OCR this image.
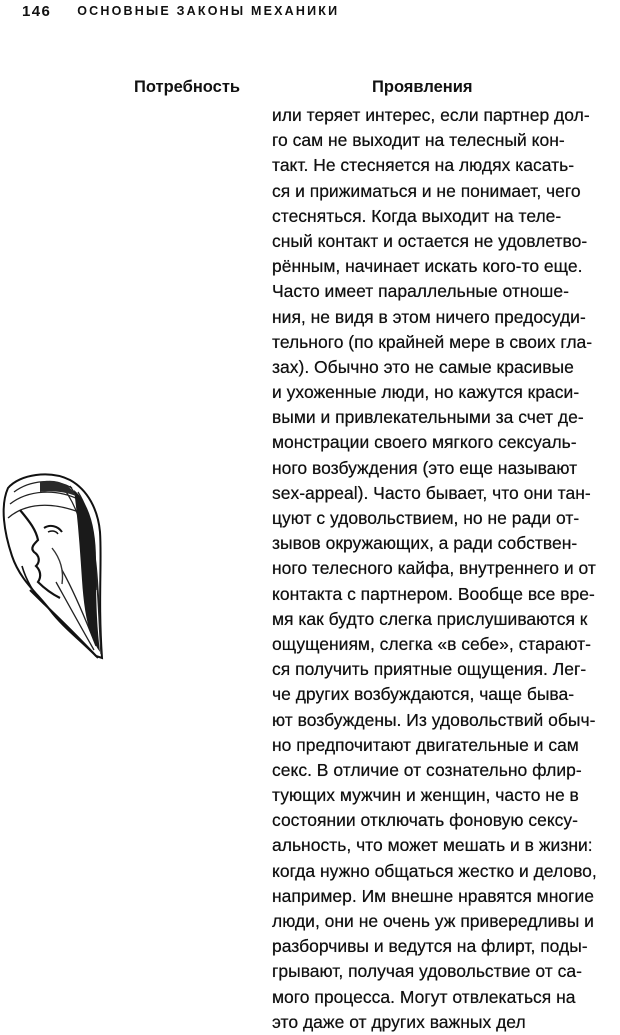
146 ОСНОВНЫЕ ЗАКОНЫ МЕХАНИКИ
Потребность	Проявления
или теряет интерес, если партнер дол-
го сам не выходит на телесный кон-
такт. Не стесняется на людях касать-
ся и прижиматься и не понимает, чего
стесняться. Когда выходит на теле-
сный контакт и остается не удовлетво-
рённым, начинает искать кого-то еще.
Часто имеет параллельные отноше-
ния, не видя в этом ничего предосуди-
тельного (по крайней мере в своих гла-
зах). Обычно это не самые красивые
и ухоженные люди, но кажутся краси-
выми и привлекательными за счет де-
монстрации своего мягкого сексуаль-
ного возбуждения (это еще называют
sex-appeal). Часто бывает, что они тан-
цуют с удовольствием, но не ради от-
зывов окружающих, а ради собствен-
ного телесного кайфа, внутреннего и от
контакта с партнером. Вообще все вре-
мя как будто слегка прислушиваются к
ощущениям, слегка «в себе», старают-
ся получить приятные ощущения. Лег-
че других возбуждаются, чаще быва-
ют возбуждены. Из удовольствий обыч-
но предпочитают двигательные и сам
секс. В отличие от сознательно флир-
тующих мужчин и женщин, часто не в
состоянии отключать фоновую сексу-
альность, что может мешать и в жизни:
когда нужно общаться жестко и делово,
например. Им внешне нравятся многие
люди, они не очень уж привередливы и
разборчивы и ведутся на флирт, поды-
грывают, получая удовольствие от са-
мого процесса. Могут отвлекаться на
это даже от других важных дел
